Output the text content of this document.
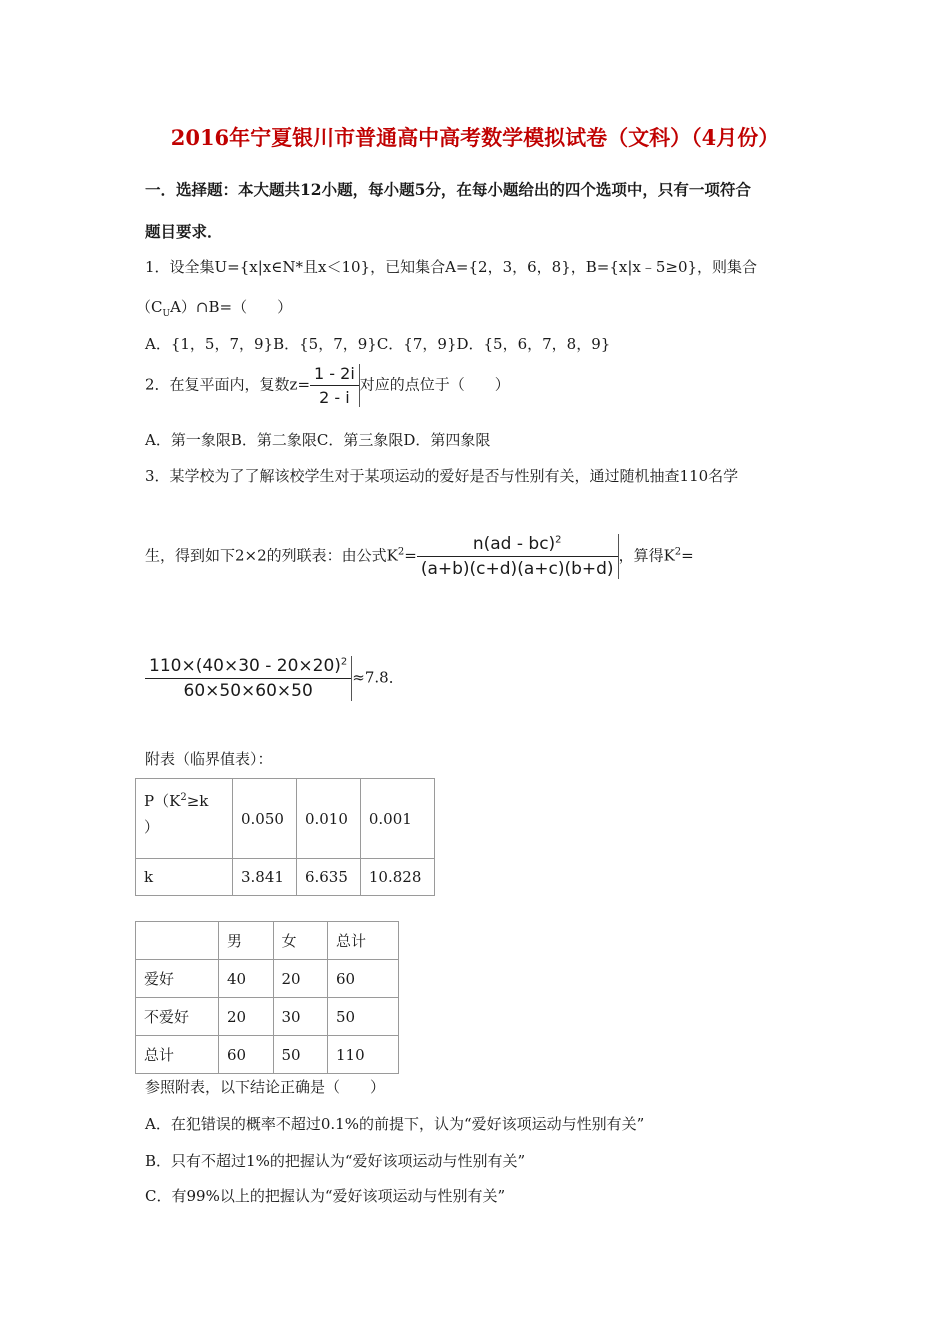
2016年宁夏银川市普通高中高考数学模拟试卷（文科）（4月份）
一．选择题：本大题共12小题，每小题5分，在每小题给出的四个选项中，只有一项符合
题目要求．
1．设全集U={x|x∈N*且x＜10}，已知集合A={2，3，6，8}，B={x|x﹣5≥0}，则集合
$(C_UA)\cap B=$（　　）
A．{1，5，7，9}B．{5，7，9}C．{7，9}D．{5，6，7，8，9}
2．在复平面内，复数$z= \frac{1 - 2i}{2 - i}$ 对应的点位于（　　）
A．第一象限B．第二象限C．第三象限D．第四象限
3．某学校为了了解该校学生对于某项运动的爱好是否与性别有关，通过随机抽查110名学
生，得到如下2×2的列联表：由公式$K^2= \frac{n(ad - bc)^2}{(a+b)(c+d)(a+c)(b+d)}$ ，算得$K^2=$
$\frac{110\times(40\times 30 - 20\times 20)^2}{60\times 50\times 60\times 50} \approx 7.8$．
附表（临界值表）：
$P(K^2\ge k$
）	0.050	0.010	0.001
k	3.841	6.635	10.828
	男	女	总计
爱好	40	20	60
不爱好	20	30	50
总计	60	50	110
参照附表，以下结论正确是（　　）
A．在犯错误的概率不超过0.1%的前提下，认为“爱好该项运动与性别有关”
B．只有不超过1%的把握认为“爱好该项运动与性别有关”
C．有99%以上的把握认为“爱好该项运动与性别有关”
